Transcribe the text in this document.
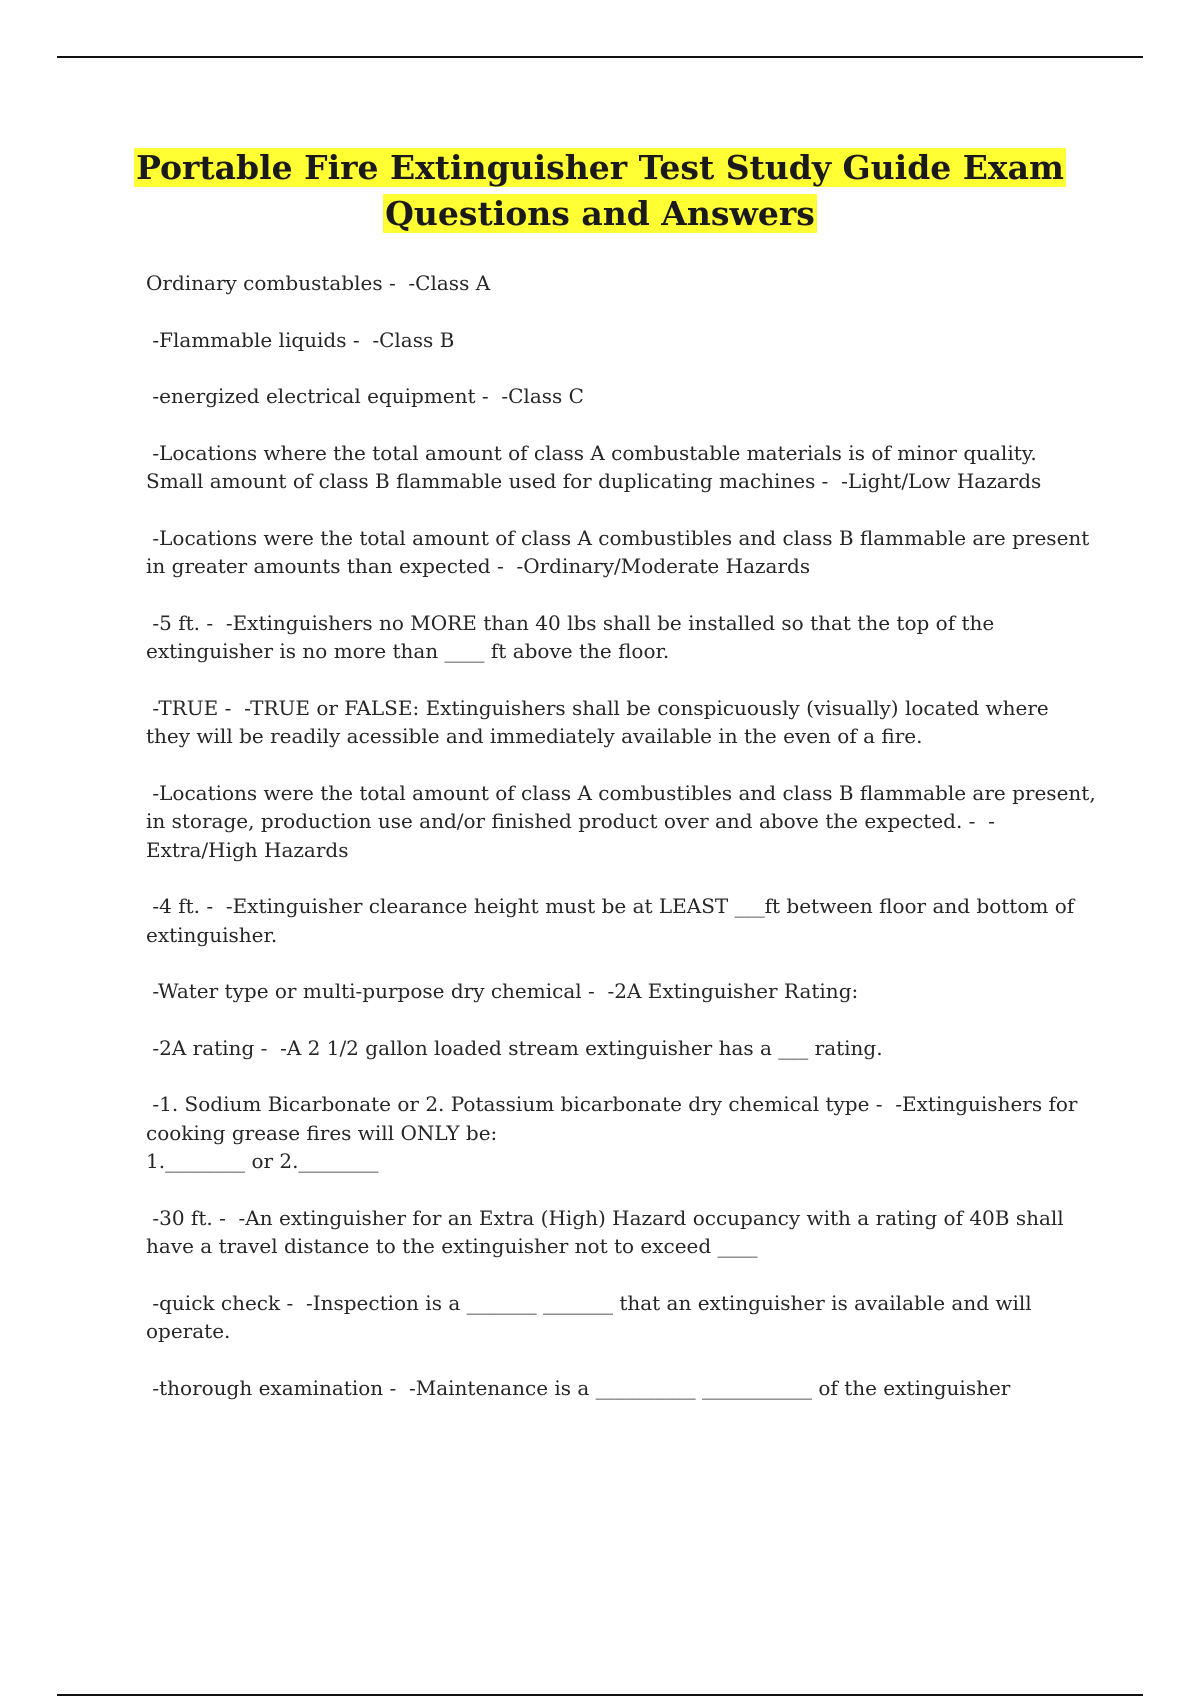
Portable Fire Extinguisher Test Study Guide Exam
Questions and Answers
Ordinary combustables -  -Class A
-Flammable liquids -  -Class B
-energized electrical equipment -  -Class C
-Locations where the total amount of class A combustable materials is of minor quality. Small amount of class B flammable used for duplicating machines -  -Light/Low Hazards
-Locations were the total amount of class A combustibles and class B flammable are present in greater amounts than expected -  -Ordinary/Moderate Hazards
-5 ft. -  -Extinguishers no MORE than 40 lbs shall be installed so that the top of the extinguisher is no more than ____ ft above the floor.
-TRUE -  -TRUE or FALSE: Extinguishers shall be conspicuously (visually) located where they will be readily acessible and immediately available in the even of a fire.
-Locations were the total amount of class A combustibles and class B flammable are present, in storage, production use and/or finished product over and above the expected. -  -Extra/High Hazards
-4 ft. -  -Extinguisher clearance height must be at LEAST ___ft between floor and bottom of extinguisher.
-Water type or multi-purpose dry chemical -  -2A Extinguisher Rating:
-2A rating -  -A 2 1/2 gallon loaded stream extinguisher has a ___ rating.
-1. Sodium Bicarbonate or 2. Potassium bicarbonate dry chemical type -  -Extinguishers for cooking grease fires will ONLY be:
1.________ or 2.________
-30 ft. -  -An extinguisher for an Extra (High) Hazard occupancy with a rating of 40B shall have a travel distance to the extinguisher not to exceed ____
-quick check -  -Inspection is a _______ _______ that an extinguisher is available and will operate.
-thorough examination -  -Maintenance is a __________ ___________ of the extinguisher
